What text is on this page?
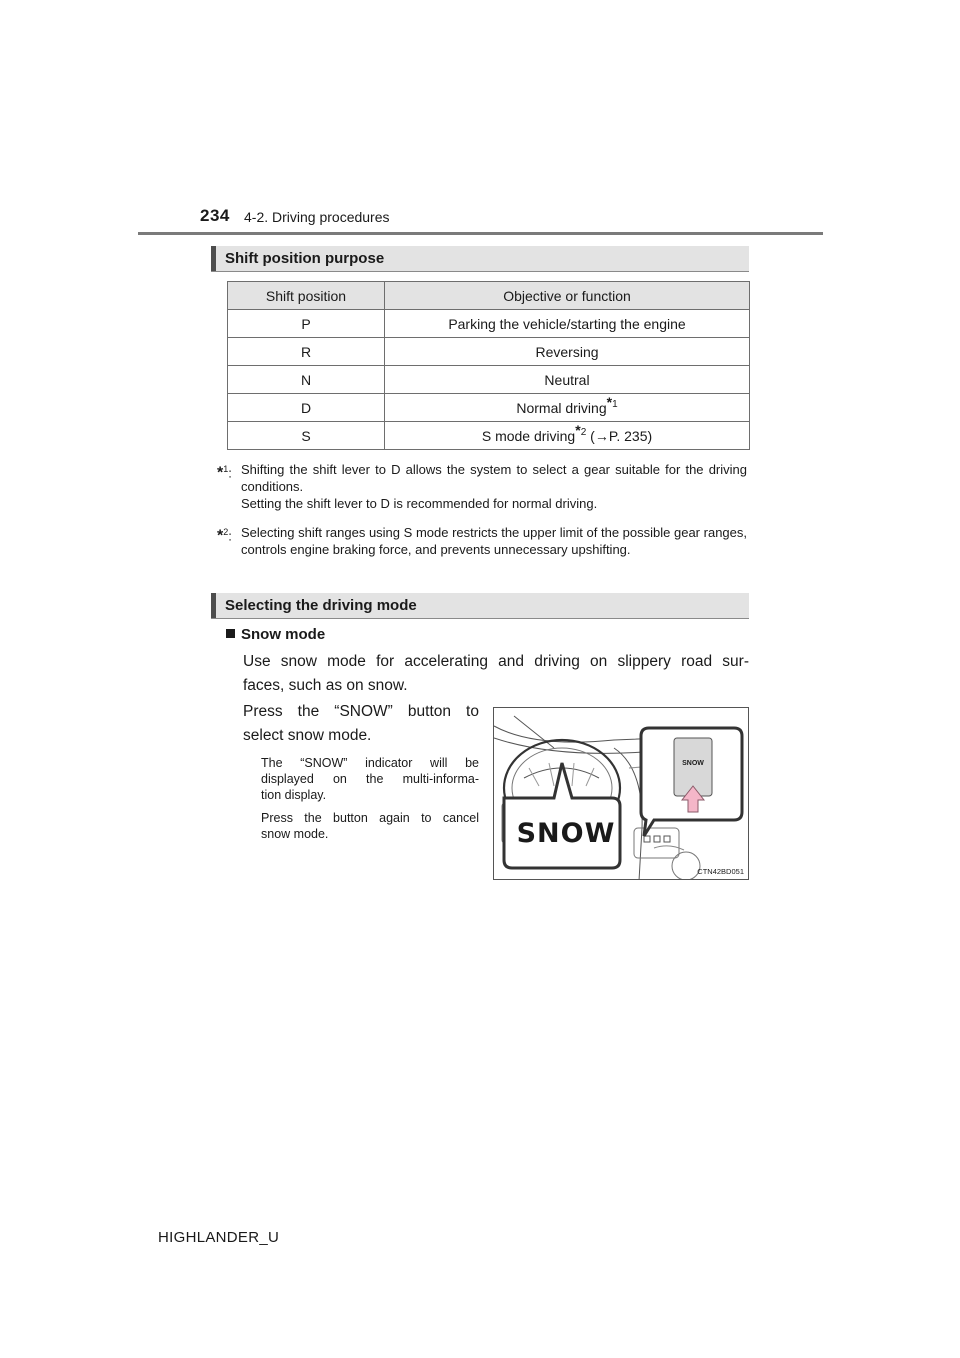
234 4-2. Driving procedures
Shift position purpose
Shift position	Objective or function
P	Parking the vehicle/starting the engine
R	Reversing
N	Neutral
D	Normal driving$^{*1}$
S	S mode driving$^{*2}$ (→P. 235)
*$^1$: Shifting the shift lever to D allows the system to select a gear suitable for the driving conditions.
Setting the shift lever to D is recommended for normal driving.
*$^2$: Selecting shift ranges using S mode restricts the upper limit of the possible gear ranges, controls engine braking force, and prevents unnecessary upshifting.
Selecting the driving mode
Snow mode
Use snow mode for accelerating and driving on slippery road sur-
faces, such as on snow.
Press the “SNOW” button to
select snow mode.
The “SNOW” indicator will be
displayed on the multi-informa-
tion display.
Press the button again to cancel
snow mode.	SNOW
SNOW
CTN42BD051
HIGHLANDER_U
